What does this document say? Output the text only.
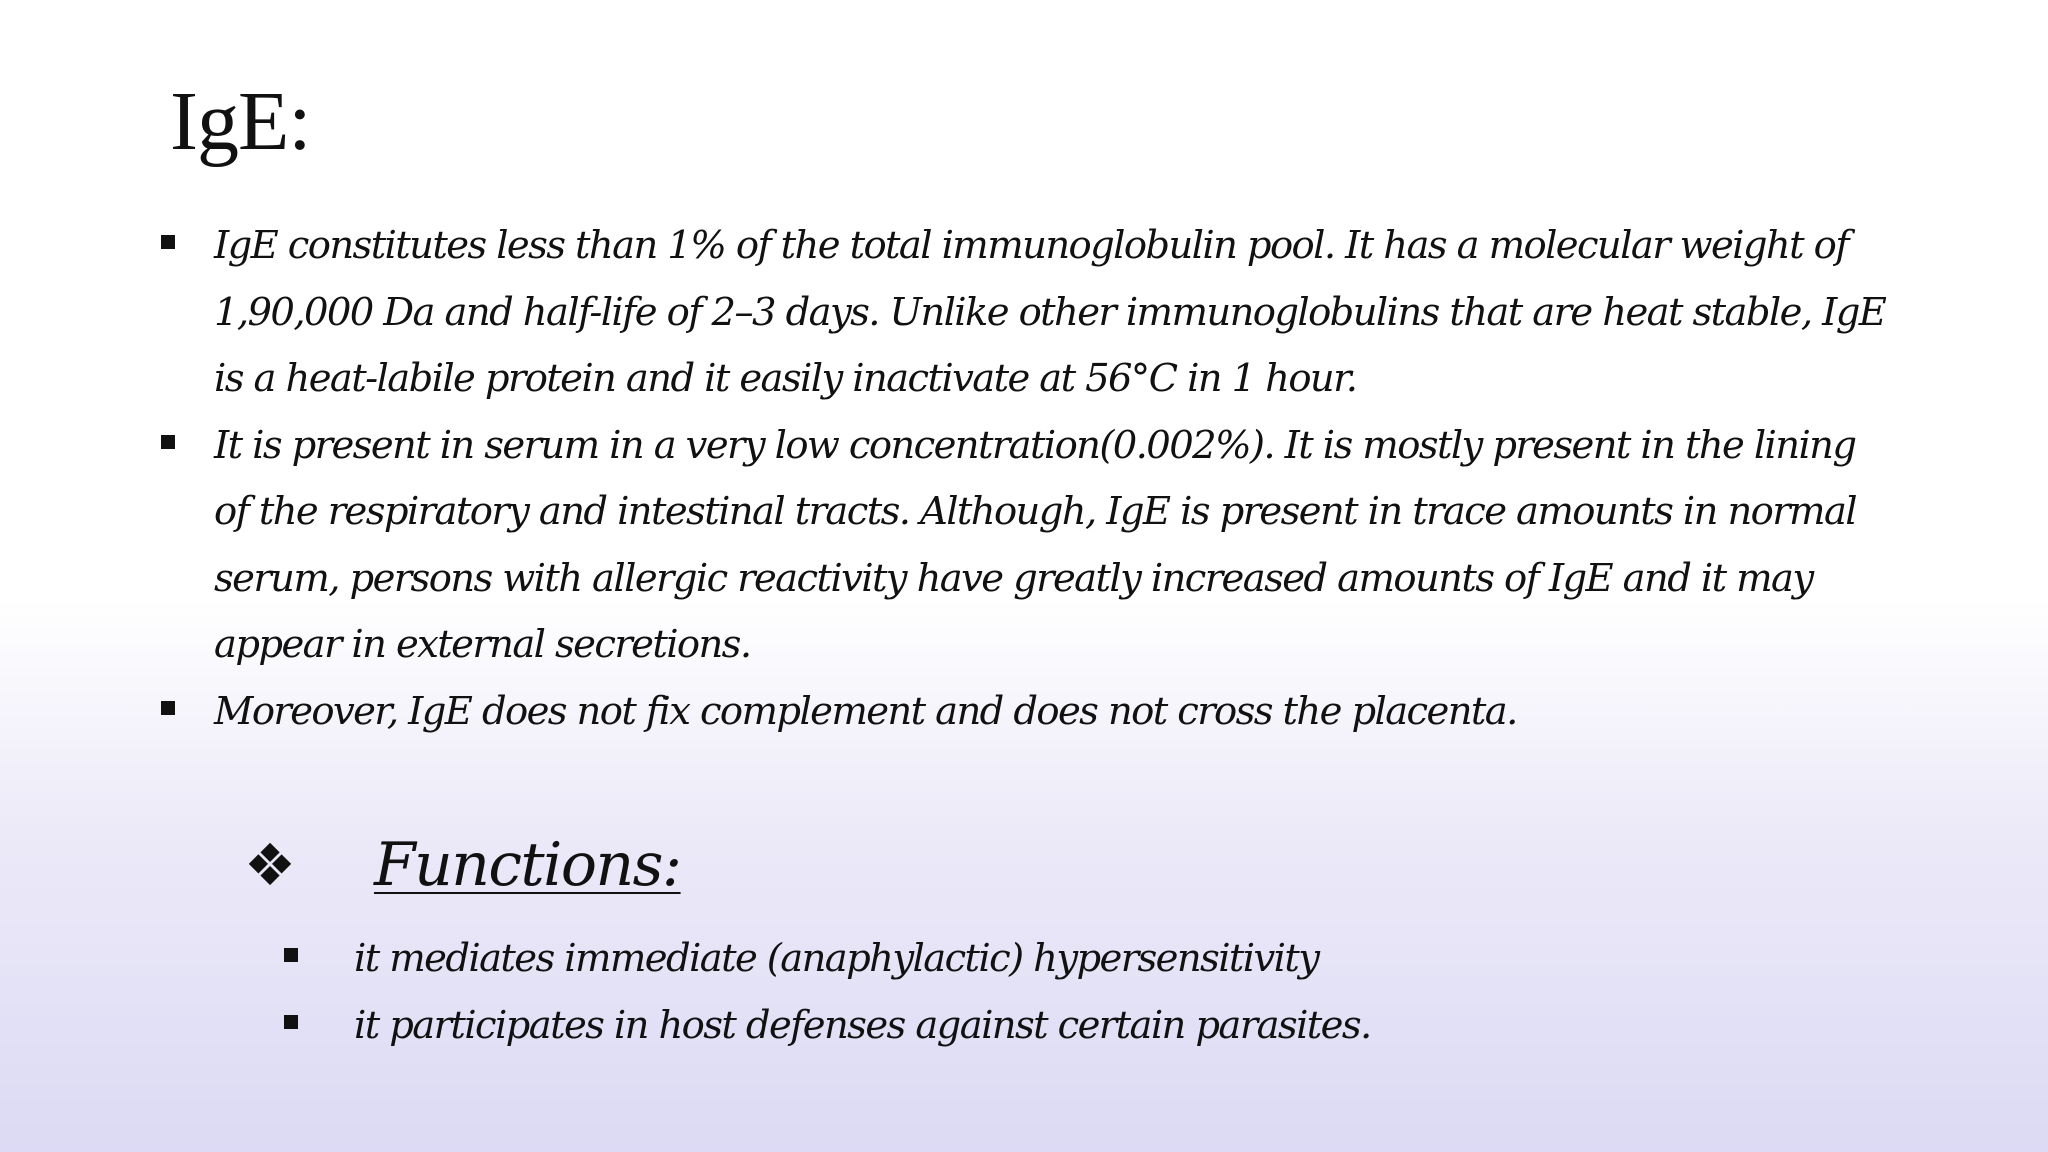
IgE:
IgE constitutes less than 1% of the total immunoglobulin pool. It has a molecular weight of 1,90,000 Da and half-life of 2–3 days. Unlike other immunoglobulins that are heat stable, IgE is a heat-labile protein and it easily inactivate at 56°C in 1 hour.
It is present in serum in a very low concentration(0.002%). It is mostly present in the lining of the respiratory and intestinal tracts. Although, IgE is present in trace amounts in normal serum, persons with allergic reactivity have greatly increased amounts of IgE and it may appear in external secretions.
Moreover, IgE does not fix complement and does not cross the placenta.
❖	Functions:
it mediates immediate (anaphylactic) hypersensitivity
it participates in host defenses against certain parasites.
